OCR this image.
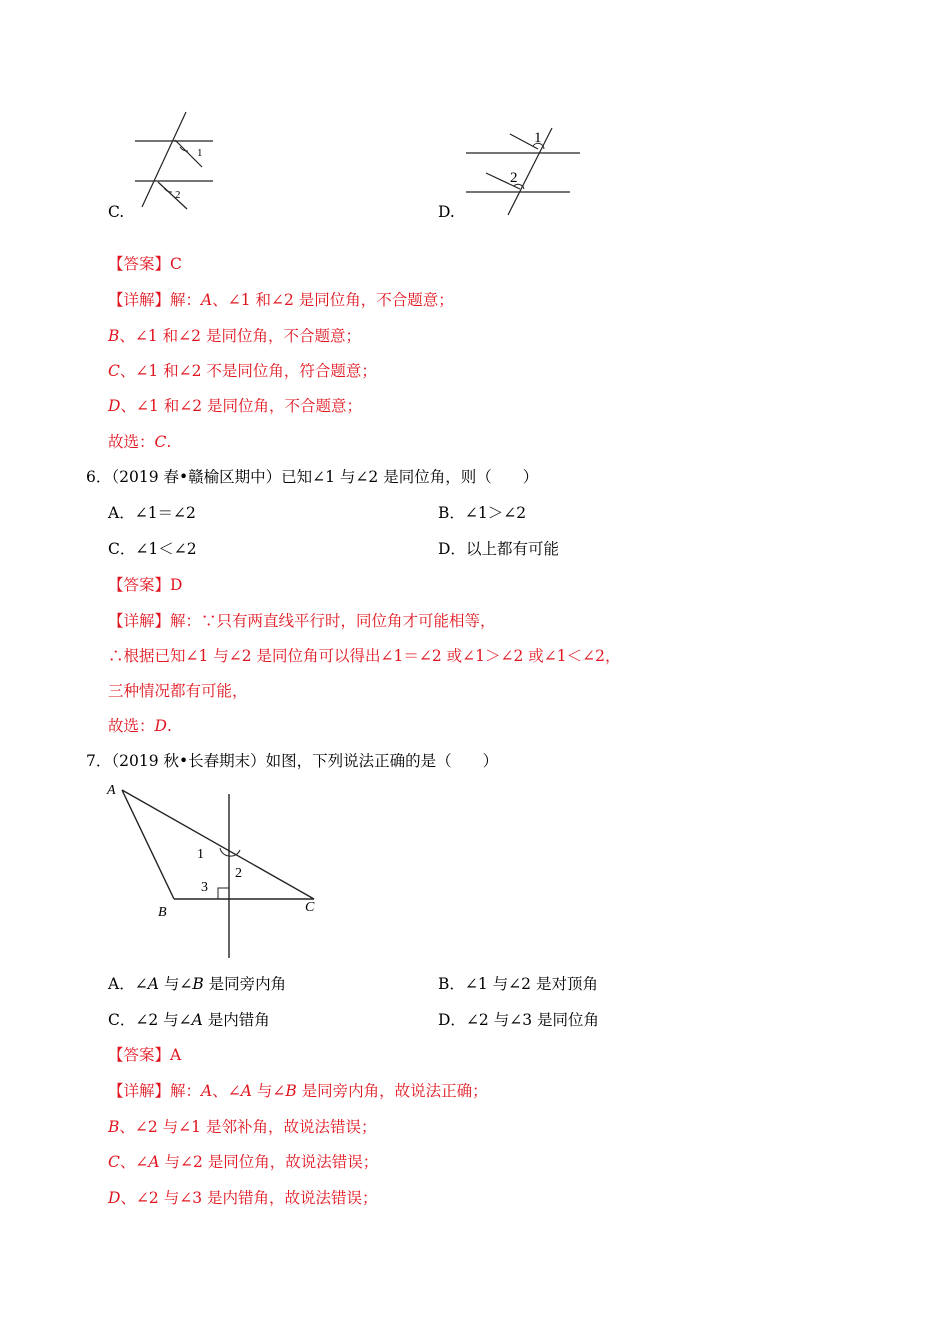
1
2
C.
1
2
D.
【答案】C
【详解】解：A、∠1 和∠2 是同位角，不合题意；
B、∠1 和∠2 是同位角，不合题意；
C、∠1 和∠2 不是同位角，符合题意；
D、∠1 和∠2 是同位角，不合题意；
故选：C.
6．（2019 春•赣榆区期中）已知∠1 与∠2 是同位角，则（　　）
A．∠1＝∠2	B．∠1＞∠2
C．∠1＜∠2	D．以上都有可能
【答案】D
【详解】解：∵只有两直线平行时，同位角才可能相等，
∴根据已知∠1 与∠2 是同位角可以得出∠1＝∠2 或∠1＞∠2 或∠1＜∠2，
三种情况都有可能，
故选：D.
7．（2019 秋•长春期末）如图，下列说法正确的是（　　）
A
B	C
1
2
3
A．∠A 与∠B 是同旁内角	B．∠1 与∠2 是对顶角
C．∠2 与∠A 是内错角	D．∠2 与∠3 是同位角
【答案】A
【详解】解：A、∠A 与∠B 是同旁内角，故说法正确；
B、∠2 与∠1 是邻补角，故说法错误；
C、∠A 与∠2 是同位角，故说法错误；
D、∠2 与∠3 是内错角，故说法错误；
